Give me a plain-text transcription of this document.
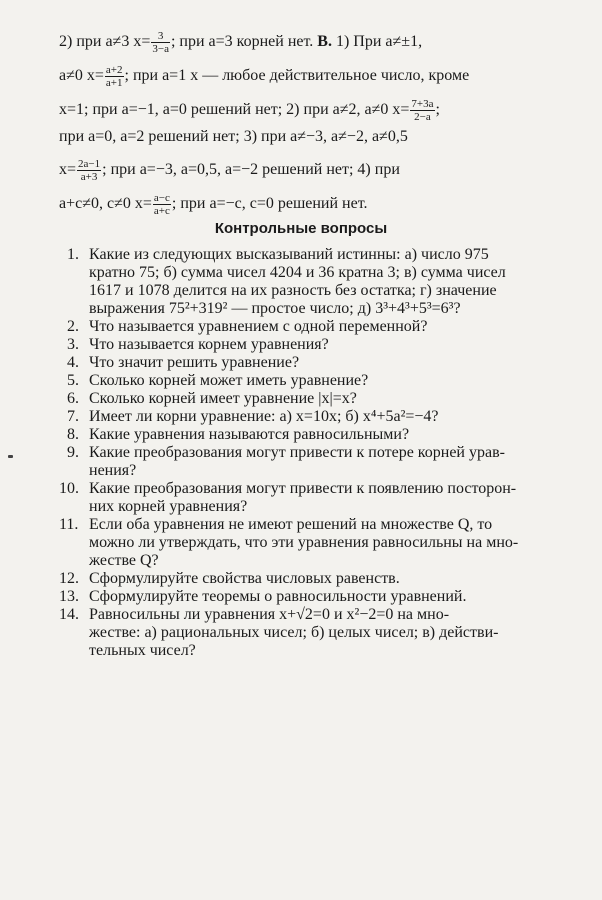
2) при a≠3 $x= \frac{3}{3-a}$ ; при a=3 корней нет. В. 1) При a≠±1,
a≠0 $x= \frac{a+2}{a+1}$ ; при a=1 x — любое действительное число, кроме
x=1; при a=−1, a=0 решений нет; 2) при a≠2, a≠0 $x= \frac{7+3a}{2-a}$ ;
при a=0, a=2 решений нет; 3) при a≠−3, a≠−2, a≠0,5
$x= \frac{2a-1}{a+3}$ ; при a=−3, a=0,5, a=−2 решений нет; 4) при
a+c≠0, c≠0 $x= \frac{a-c}{a+c}$ ; при a=−c, c=0 решений нет.
Контрольные вопросы
1. Какие из следующих высказываний истинны: а) число 975
кратно 75; б) сумма чисел 4204 и 36 кратна 3; в) сумма чисел
1617 и 1078 делится на их разность без остатка; г) значение
выражения 75²+319² — простое число; д) 3³+4³+5³=6³?
2. Что называется уравнением с одной переменной?
3. Что называется корнем уравнения?
4. Что значит решить уравнение?
5. Сколько корней может иметь уравнение?
6. Сколько корней имеет уравнение |x|=x?
7. Имеет ли корни уравнение: а) x=10x; б) x⁴+5a²=−4?
8. Какие уравнения называются равносильными?
9. Какие преобразования могут привести к потере корней урав-
нения?
10. Какие преобразования могут привести к появлению посторон-
них корней уравнения?
11. Если оба уравнения не имеют решений на множестве Q, то
можно ли утверждать, что эти уравнения равносильны на мно-
жестве Q?
12. Сформулируйте свойства числовых равенств.
13. Сформулируйте теоремы о равносильности уравнений.
14. Равносильны ли уравнения x+√2=0 и x²−2=0 на мно-
жестве: а) рациональных чисел; б) целых чисел; в) действи-
тельных чисел?
